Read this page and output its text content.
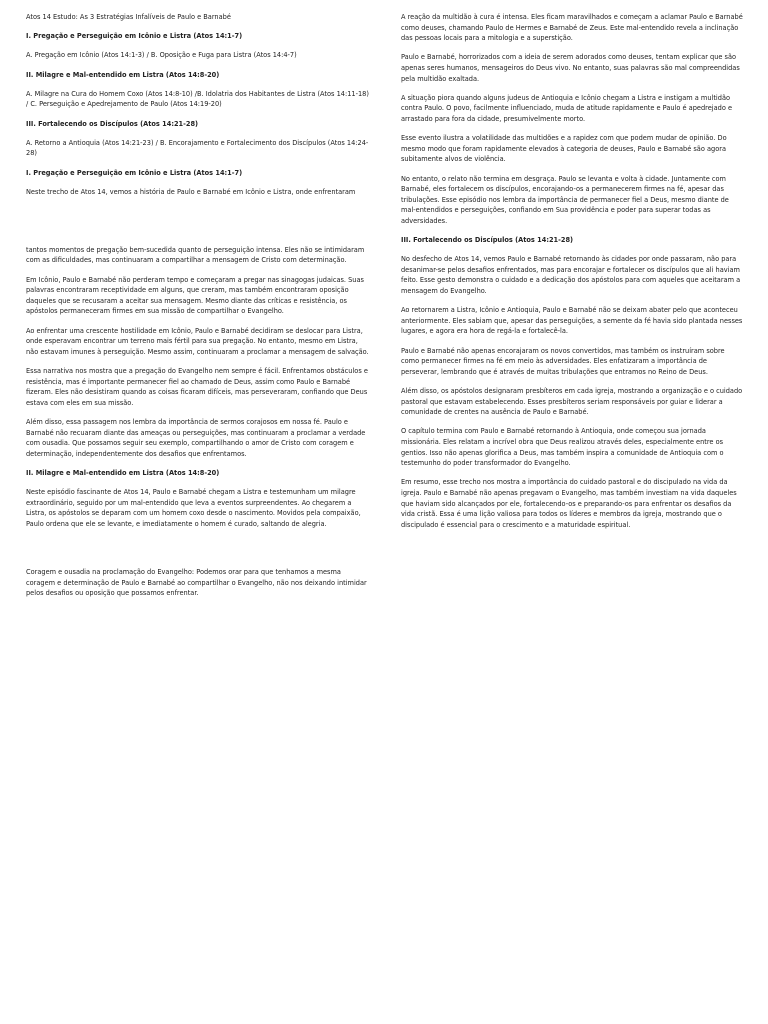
Atos 14 Estudo: As 3 Estratégias Infalíveis de Paulo e Barnabé

I. Pregação e Perseguição em Icônio e Listra (Atos 14:1-7)

A. Pregação em Icônio (Atos 14:1-3) / B. Oposição e Fuga para Listra (Atos 14:4-7)

II. Milagre e Mal-entendido em Listra (Atos 14:8-20)

A. Milagre na Cura do Homem Coxo (Atos 14:8-10) /B. Idolatria dos Habitantes de Listra (Atos 14:11-18) / C. Perseguição e Apedrejamento de Paulo (Atos 14:19-20)

III. Fortalecendo os Discípulos (Atos 14:21-28)

A. Retorno a Antioquia (Atos 14:21-23) / B. Encorajamento e Fortalecimento dos Discípulos (Atos 14:24-28)

I. Pregação e Perseguição em Icônio e Listra (Atos 14:1-7)

Neste trecho de Atos 14, vemos a história de Paulo e Barnabé em Icônio e Listra, onde enfrentaram

tantos momentos de pregação bem-sucedida quanto de perseguição intensa. Eles não se intimidaram com as dificuldades, mas continuaram a compartilhar a mensagem de Cristo com determinação.

Em Icônio, Paulo e Barnabé não perderam tempo e começaram a pregar nas sinagogas judaicas. Suas palavras encontraram receptividade em alguns, que creram, mas também encontraram oposição daqueles que se recusaram a aceitar sua mensagem. Mesmo diante das críticas e resistência, os apóstolos permaneceram firmes em sua missão de compartilhar o Evangelho.

Ao enfrentar uma crescente hostilidade em Icônio, Paulo e Barnabé decidiram se deslocar para Listra, onde esperavam encontrar um terreno mais fértil para sua pregação. No entanto, mesmo em Listra, não estavam imunes à perseguição. Mesmo assim, continuaram a proclamar a mensagem de salvação.

Essa narrativa nos mostra que a pregação do Evangelho nem sempre é fácil. Enfrentamos obstáculos e resistência, mas é importante permanecer fiel ao chamado de Deus, assim como Paulo e Barnabé fizeram. Eles não desistiram quando as coisas ficaram difíceis, mas perseveraram, confiando que Deus estava com eles em sua missão.

Além disso, essa passagem nos lembra da importância de sermos corajosos em nossa fé. Paulo e Barnabé não recuaram diante das ameaças ou perseguições, mas continuaram a proclamar a verdade com ousadia. Que possamos seguir seu exemplo, compartilhando o amor de Cristo com coragem e determinação, independentemente dos desafios que enfrentamos.

II. Milagre e Mal-entendido em Listra (Atos 14:8-20)

Neste episódio fascinante de Atos 14, Paulo e Barnabé chegam a Listra e testemunham um milagre extraordinário, seguido por um mal-entendido que leva a eventos surpreendentes. Ao chegarem a Listra, os apóstolos se deparam com um homem coxo desde o nascimento. Movidos pela compaixão, Paulo ordena que ele se levante, e imediatamente o homem é curado, saltando de alegria.

Coragem e ousadia na proclamação do Evangelho: Podemos orar para que tenhamos a mesma coragem e determinação de Paulo e Barnabé ao compartilhar o Evangelho, não nos deixando intimidar pelos desafios ou oposição que possamos enfrentar.

A reação da multidão à cura é intensa. Eles ficam maravilhados e começam a aclamar Paulo e Barnabé como deuses, chamando Paulo de Hermes e Barnabé de Zeus. Este mal-entendido revela a inclinação das pessoas locais para a mitologia e a superstição.

Paulo e Barnabé, horrorizados com a ideia de serem adorados como deuses, tentam explicar que são apenas seres humanos, mensageiros do Deus vivo. No entanto, suas palavras são mal compreendidas pela multidão exaltada.

A situação piora quando alguns judeus de Antioquia e Icônio chegam a Listra e instigam a multidão contra Paulo. O povo, facilmente influenciado, muda de atitude rapidamente e Paulo é apedrejado e arrastado para fora da cidade, presumivelmente morto.

Esse evento ilustra a volatilidade das multidões e a rapidez com que podem mudar de opinião. Do mesmo modo que foram rapidamente elevados à categoria de deuses, Paulo e Barnabé são agora subitamente alvos de violência.

No entanto, o relato não termina em desgraça. Paulo se levanta e volta à cidade. Juntamente com Barnabé, eles fortalecem os discípulos, encorajando-os a permanecerem firmes na fé, apesar das tribulações. Esse episódio nos lembra da importância de permanecer fiel a Deus, mesmo diante de mal-entendidos e perseguições, confiando em Sua providência e poder para superar todas as adversidades.

III. Fortalecendo os Discípulos (Atos 14:21-28)

No desfecho de Atos 14, vemos Paulo e Barnabé retornando às cidades por onde passaram, não para desanimar-se pelos desafios enfrentados, mas para encorajar e fortalecer os discípulos que ali haviam feito. Esse gesto demonstra o cuidado e a dedicação dos apóstolos para com aqueles que aceitaram a mensagem do Evangelho.

Ao retornarem a Listra, Icônio e Antioquia, Paulo e Barnabé não se deixam abater pelo que aconteceu anteriormente. Eles sabiam que, apesar das perseguições, a semente da fé havia sido plantada nesses lugares, e agora era hora de regá-la e fortalecê-la.

Paulo e Barnabé não apenas encorajaram os novos convertidos, mas também os instruíram sobre como permanecer firmes na fé em meio às adversidades. Eles enfatizaram a importância de perseverar, lembrando que é através de muitas tribulações que entramos no Reino de Deus.

Além disso, os apóstolos designaram presbíteros em cada igreja, mostrando a organização e o cuidado pastoral que estavam estabelecendo. Esses presbíteros seriam responsáveis por guiar e liderar a comunidade de crentes na ausência de Paulo e Barnabé.

O capítulo termina com Paulo e Barnabé retornando à Antioquia, onde começou sua jornada missionária. Eles relatam a incrível obra que Deus realizou através deles, especialmente entre os gentios. Isso não apenas glorifica a Deus, mas também inspira a comunidade de Antioquia com o testemunho do poder transformador do Evangelho.

Em resumo, esse trecho nos mostra a importância do cuidado pastoral e do discipulado na vida da igreja. Paulo e Barnabé não apenas pregavam o Evangelho, mas também investiam na vida daqueles que haviam sido alcançados por ele, fortalecendo-os e preparando-os para enfrentar os desafios da vida cristã. Essa é uma lição valiosa para todos os líderes e membros da igreja, mostrando que o discipulado é essencial para o crescimento e a maturidade espiritual.
